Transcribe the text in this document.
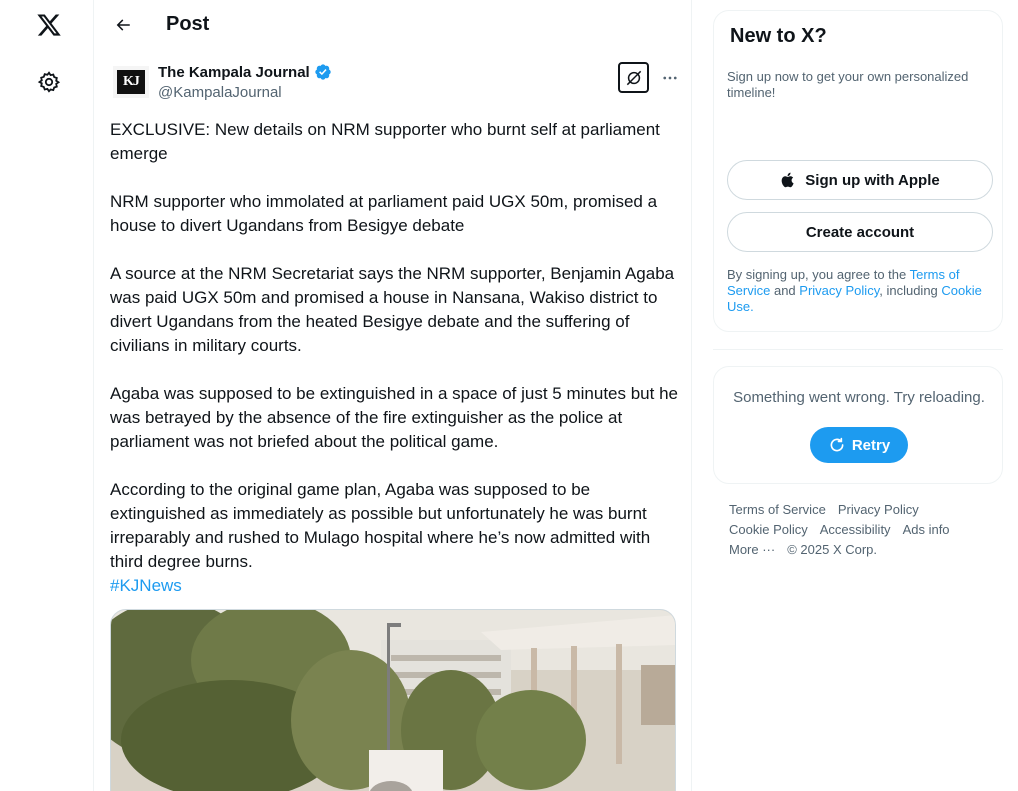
Post
KJ
The Kampala Journal
@KampalaJournal

EXCLUSIVE: New details on NRM supporter who burnt self at parliament emerge

NRM supporter who immolated at parliament paid UGX 50m, promised a house to divert Ugandans from Besigye debate

A source at the NRM Secretariat says the NRM supporter, Benjamin Agaba was paid UGX 50m and promised a house in Nansana, Wakiso district to divert Ugandans from the heated Besigye debate and the suffering of civilians in military courts.

Agaba was supposed to be extinguished in a space of just 5 minutes but he was betrayed by the absence of the fire extinguisher as the police at parliament was not briefed about the political game.

According to the original game plan, Agaba was supposed to be extinguished as immediately as possible but unfortunately he was burnt irreparably and rushed to Mulago hospital where he’s now admitted with third degree burns.

#KJNews
New to X?
Sign up now to get your own personalized timeline!
Sign up with Apple
Create account
By signing up, you agree to the Terms of Service and Privacy Policy, including Cookie Use.
Something went wrong. Try reloading.
Retry
Terms of Service Privacy Policy
Cookie Policy Accessibility Ads info
More ··· © 2025 X Corp.
